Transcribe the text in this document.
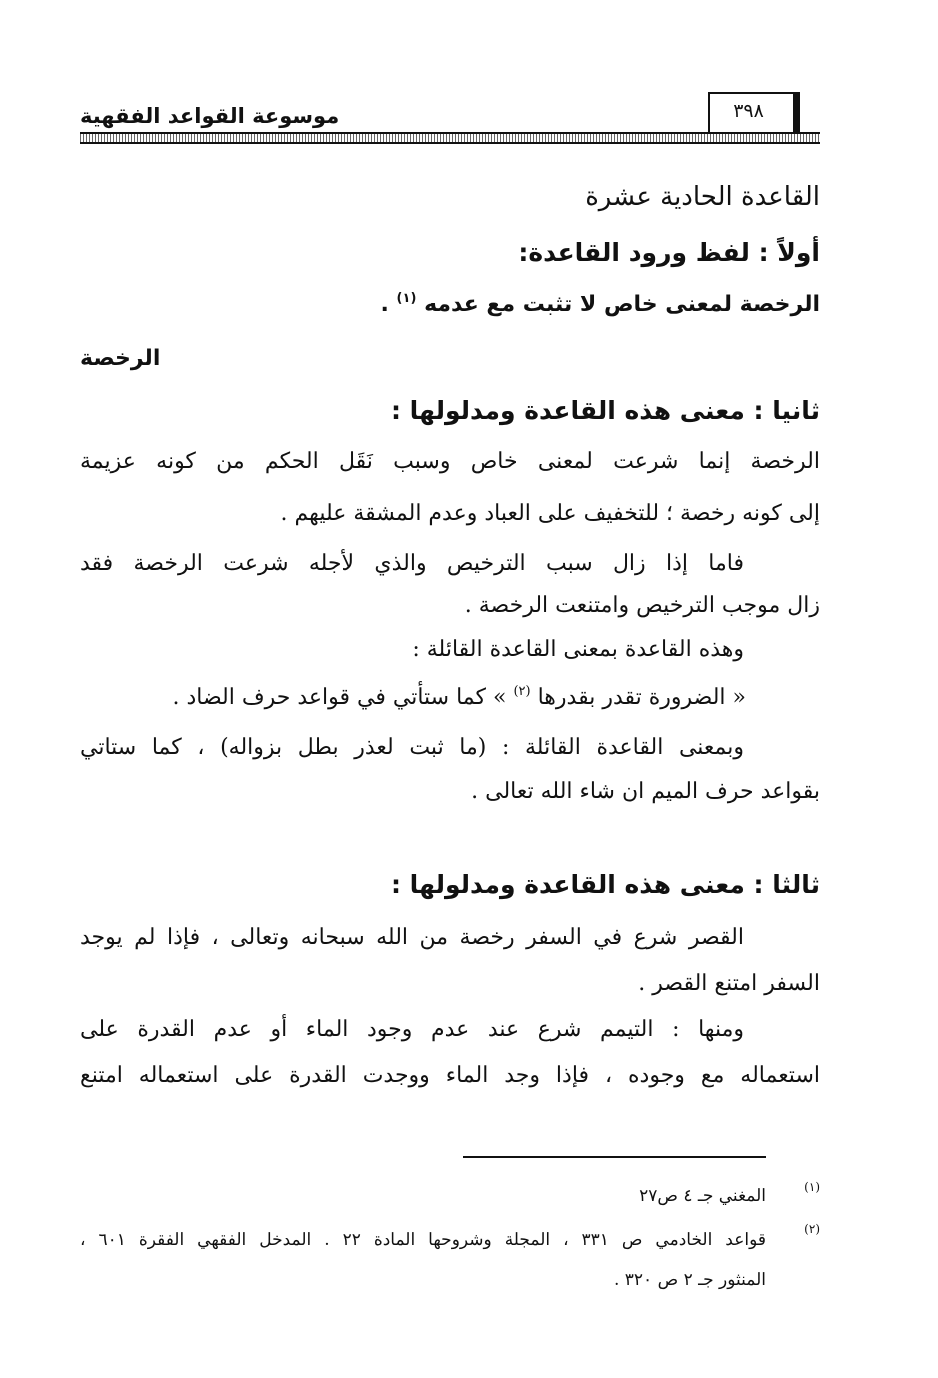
موسوعة القواعد الفقهية	٣٩٨
القاعدة الحادية عشرة
أولاً : لفظ ورود القاعدة:
الرخصة لمعنى خاص لا تثبت مع عدمه $^{(١)}$ .
الرخصة
ثانيا : معنى هذه القاعدة ومدلولها :
الرخصة إنما شرعت لمعنى خاص وسبب نَقَل الحكم من كونه عزيمة
إلى كونه رخصة ؛ للتخفيف على العباد وعدم المشقة عليهم .
فاما إذا زال سبب الترخيص والذي لأجله شرعت الرخصة فقد
زال موجب الترخيص وامتنعت الرخصة .
وهذه القاعدة بمعنى القاعدة القائلة :
« الضرورة تقدر بقدرها $^{(٢)}$ » كما ستأتي في قواعد حرف الضاد .
وبمعنى القاعدة القائلة : (ما ثبت لعذر بطل بزواله) ، كما ستاتي
بقواعد حرف الميم ان شاء الله تعالى .
ثالثا : معنى هذه القاعدة ومدلولها :
القصر شرع في السفر رخصة من الله سبحانه وتعالى ، فإذا لم يوجد
السفر امتنع القصر .
ومنها : التيمم شرع عند عدم وجود الماء أو عدم القدرة على
استعماله مع وجوده ، فإذا وجد الماء ووجدت القدرة على استعماله امتنع
(١)
المغني جـ ٤ ص٢٧
(٢)
قواعد الخادمي ص ٣٣١ ، المجلة وشروحها المادة ٢٢ . المدخل الفقهي الفقرة ٦٠١ ،
المنثور جـ ٢ ص ٣٢٠ .
